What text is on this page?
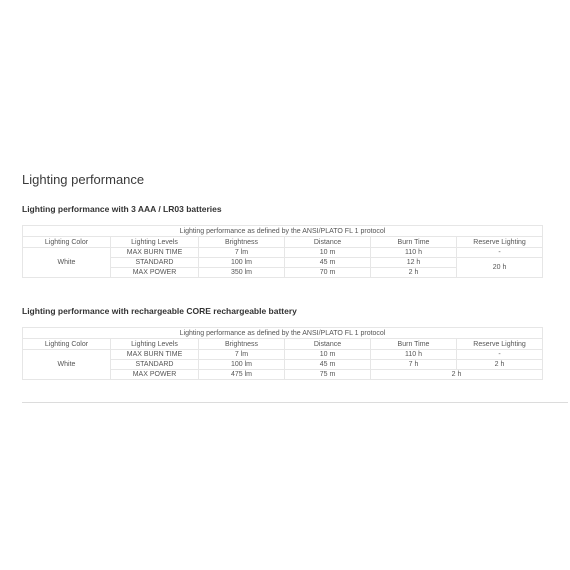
Lighting performance
Lighting performance with 3 AAA / LR03 batteries
Lighting performance as defined by the ANSI/PLATO FL 1 protocol					
Lighting Color	Lighting Levels	Brightness	Distance	Burn Time	Reserve Lighting
White	MAX BURN TIME	7 lm	10 m	110 h	-
	STANDARD	100 lm	45 m	12 h	20 h
	MAX POWER	350 lm	70 m	2 h	
Lighting performance with rechargeable CORE rechargeable battery
Lighting performance as defined by the ANSI/PLATO FL 1 protocol					
Lighting Color	Lighting Levels	Brightness	Distance	Burn Time	Reserve Lighting
White	MAX BURN TIME	7 lm	10 m	110 h	-
	STANDARD	100 lm	45 m	7 h	2 h
	MAX POWER	475 lm	75 m	2 h	
